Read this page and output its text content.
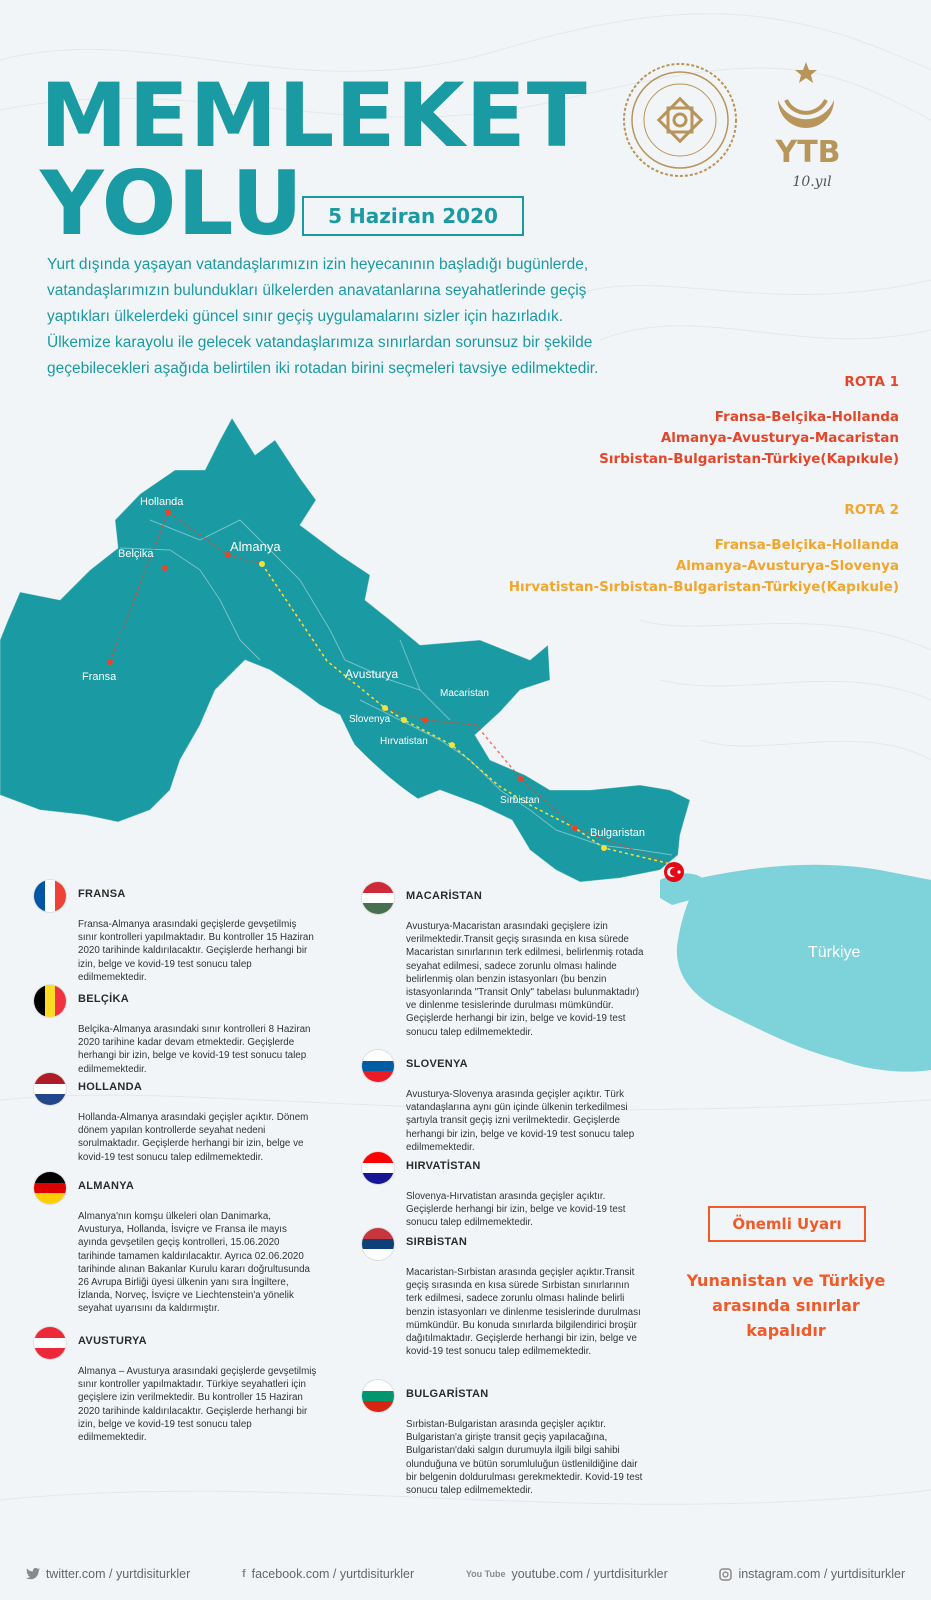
MEMLEKET
YOLU	5 Haziran 2020
YTB
10.yıl

Yurt dışında yaşayan vatandaşlarımızın izin heyecanının başladığı bugünlerde, vatandaşlarımızın bulundukları ülkelerden anavatanlarına seyahatlerinde geçiş yaptıkları ülkelerdeki güncel sınır geçiş uygulamalarını sizler için hazırladık.

Ülkemize karayolu ile gelecek vatandaşlarımıza sınırlardan sorunsuz bir şekilde geçebilecekleri aşağıda belirtilen iki rotadan birini seçmeleri tavsiye edilmektedir.

ROTA 1
Fransa-Belçika-Hollanda
Almanya-Avusturya-Macaristan
Sırbistan-Bulgaristan-Türkiye(Kapıkule)
ROTA 2
Fransa-Belçika-Hollanda
Almanya-Avusturya-Slovenya
Hırvatistan-Sırbistan-Bulgaristan-Türkiye(Kapıkule)
Hollanda
Belçika	Almanya
Fransa	Avusturya
Macaristan
Slovenya
Hırvatistan
Sırbistan
Bulgaristan
Türkiye
FRANSA

Fransa-Almanya arasındaki geçişlerde gevşetilmiş sınır kontrolleri yapılmaktadır. Bu kontroller 15 Haziran 2020 tarihinde kaldırılacaktır. Geçişlerde herhangi bir izin, belge ve kovid-19 test sonucu talep edilmemektedir.

BELÇİKA

Belçika-Almanya arasındaki sınır kontrolleri 8 Haziran 2020 tarihine kadar devam etmektedir. Geçişlerde herhangi bir izin, belge ve kovid-19 test sonucu talep edilmemektedir.

HOLLANDA

Hollanda-Almanya arasındaki geçişler açıktır. Dönem dönem yapılan kontrollerde seyahat nedeni sorulmaktadır. Geçişlerde herhangi bir izin, belge ve kovid-19 test sonucu talep edilmemektedir.

ALMANYA

Almanya'nın komşu ülkeleri olan Danimarka, Avusturya, Hollanda, İsviçre ve Fransa ile mayıs ayında gevşetilen geçiş kontrolleri, 15.06.2020 tarihinde tamamen kaldırılacaktır. Ayrıca 02.06.2020 tarihinde alınan Bakanlar Kurulu kararı doğrultusunda 26 Avrupa Birliği üyesi ülkenin yanı sıra İngiltere, İzlanda, Norveç, İsviçre ve Liechtenstein'a yönelik seyahat uyarısını da kaldırmıştır.

AVUSTURYA

Almanya – Avusturya arasındaki geçişlerde gevşetilmiş sınır kontroller yapılmaktadır. Türkiye seyahatleri için geçişlere izin verilmektedir. Bu kontroller 15 Haziran 2020 tarihinde kaldırılacaktır. Geçişlerde herhangi bir izin, belge ve kovid-19 test sonucu talep edilmemektedir.

MACARİSTAN

Avusturya-Macaristan arasındaki geçişlere izin verilmektedir.Transit geçiş sırasında en kısa sürede Macaristan sınırlarının terk edilmesi, belirlenmiş rotada seyahat edilmesi, sadece zorunlu olması halinde belirlenmiş olan benzin istasyonları (bu benzin istasyonlarında "Transit Only" tabelası bulunmaktadır) ve dinlenme tesislerinde durulması mümkündür. Geçişlerde herhangi bir izin, belge ve kovid-19 test sonucu talep edilmemektedir.

SLOVENYA

Avusturya-Slovenya arasında geçişler açıktır. Türk vatandaşlarına aynı gün içinde ülkenin terkedilmesi şartıyla transit geçiş izni verilmektedir. Geçişlerde herhangi bir izin, belge ve kovid-19 test sonucu talep edilmemektedir.

HIRVATİSTAN

Slovenya-Hırvatistan arasında geçişler açıktır. Geçişlerde herhangi bir izin, belge ve kovid-19 test sonucu talep edilmemektedir.

SIRBİSTAN

Macaristan-Sırbistan arasında geçişler açıktır.Transit geçiş sırasında en kısa sürede Sırbistan sınırlarının terk edilmesi, sadece zorunlu olması halinde belirli benzin istasyonları ve dinlenme tesislerinde durulması mümkündür. Bu konuda sınırlarda bilgilendirici broşür dağıtılmaktadır. Geçişlerde herhangi bir izin, belge ve kovid-19 test sonucu talep edilmemektedir.

BULGARİSTAN

Sırbistan-Bulgaristan arasında geçişler açıktır. Bulgaristan'a girişte transit geçiş yapılacağına, Bulgaristan'daki salgın durumuyla ilgili bilgi sahibi olunduğuna ve bütün sorumluluğun üstlenildiğine dair bir belgenin doldurulması gerekmektedir. Kovid-19 test sonucu talep edilmemektedir.

Önemli Uyarı
Yunanistan ve Türkiye arasında sınırlar kapalıdır
twitter.com / yurtdisiturkler	f facebook.com / yurtdisiturkler	You Tube youtube.com / yurtdisiturkler	instagram.com / yurtdisiturkler
